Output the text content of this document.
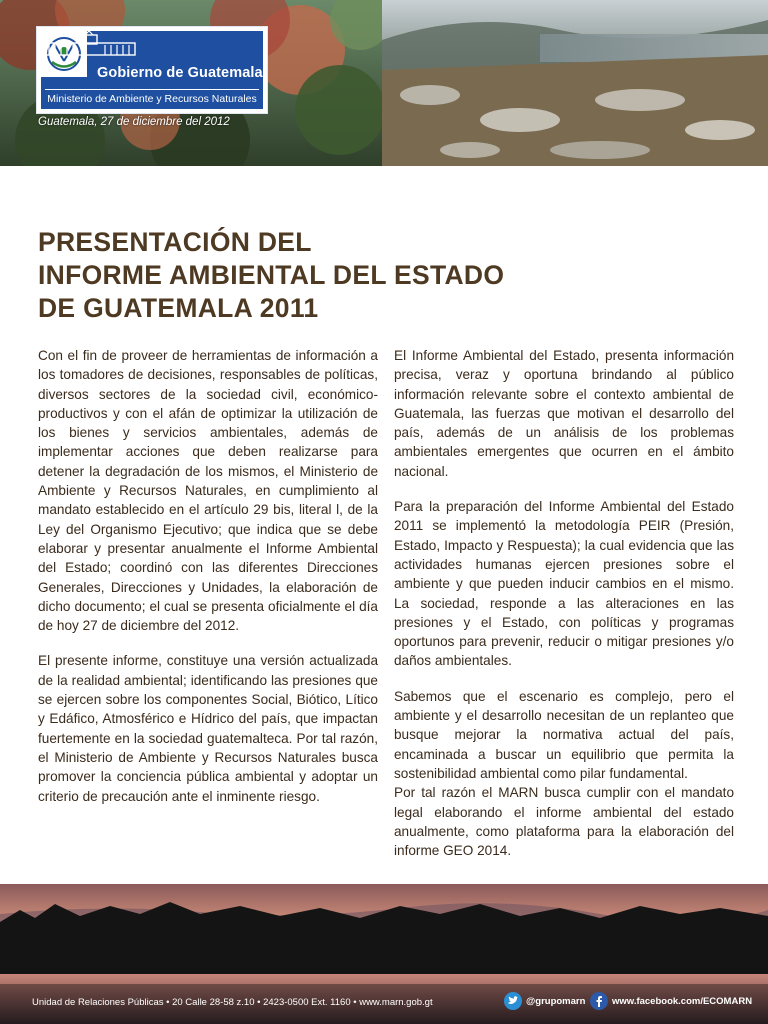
Gobierno de Guatemala
Ministerio de Ambiente y Recursos Naturales
Guatemala, 27 de diciembre del 2012
PRESENTACIÓN DEL
INFORME AMBIENTAL DEL ESTADO
DE GUATEMALA 2011

Con el fin de proveer de herramientas de información a los tomadores de decisiones, responsables de políticas, diversos sectores de la sociedad civil, económico-productivos y con el afán de optimizar la utilización de los bienes y servicios ambientales, además de implementar acciones que deben realizarse para detener la degradación de los mismos, el Ministerio de Ambiente y Recursos Naturales, en cumplimiento al mandato establecido en el artículo 29 bis, literal l, de la Ley del Organismo Ejecutivo; que indica que se debe elaborar y presentar anualmente el Informe Ambiental del Estado; coordinó con las diferentes Direcciones Generales, Direcciones y Unidades, la elaboración de dicho documento; el cual se presenta oficialmente el día de hoy 27 de diciembre del 2012.

El presente informe, constituye una versión actualizada de la realidad ambiental; identificando las presiones que se ejercen sobre los componentes Social, Biótico, Lítico y Edáfico, Atmosférico e Hídrico del país, que impactan fuertemente en la sociedad guatemalteca. Por tal razón, el Ministerio de Ambiente y Recursos Naturales busca promover la conciencia pública ambiental y adoptar un criterio de precaución ante el inminente riesgo.

El Informe Ambiental del Estado, presenta información precisa, veraz y oportuna brindando al público información relevante sobre el contexto ambiental de Guatemala, las fuerzas que motivan el desarrollo del país, además de un análisis de los problemas ambientales emergentes que ocurren en el ámbito nacional.

Para la preparación del Informe Ambiental del Estado 2011 se implementó la metodología PEIR (Presión, Estado, Impacto y Respuesta); la cual evidencia que las actividades humanas ejercen presiones sobre el ambiente y que pueden inducir cambios en el mismo. La sociedad, responde a las alteraciones en las presiones y el Estado, con políticas y programas oportunos para prevenir, reducir o mitigar presiones y/o daños ambientales.

Sabemos que el escenario es complejo, pero el ambiente y el desarrollo necesitan de un replanteo que busque mejorar la normativa actual del país, encaminada a buscar un equilibrio que permita la sostenibilidad ambiental como pilar fundamental.

Por tal razón el MARN busca cumplir con el mandato legal elaborando el informe ambiental del estado anualmente, como plataforma para la elaboración del informe GEO 2014.

Unidad de Relaciones Públicas • 20 Calle 28-58 z.10 • 2423-0500 Ext. 1160 • www.marn.gob.gt	@grupomarn	www.facebook.com/ECOMARN
